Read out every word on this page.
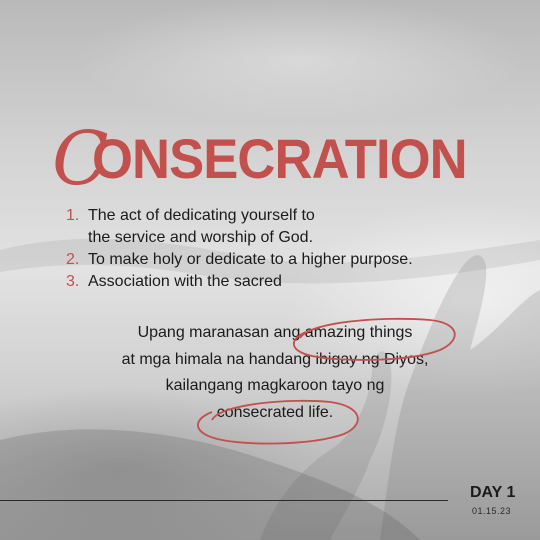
C
ONSECRATION
1. The act of dedicating yourself to
the service and worship of God.
2. To make holy or dedicate to a higher purpose.
3. Association with the sacred

Upang maranasan ang amazing things

at mga himala na handang ibigay ng Diyos,

kailangang magkaroon tayo ng

consecrated life.

DAY 1
01.15.23
